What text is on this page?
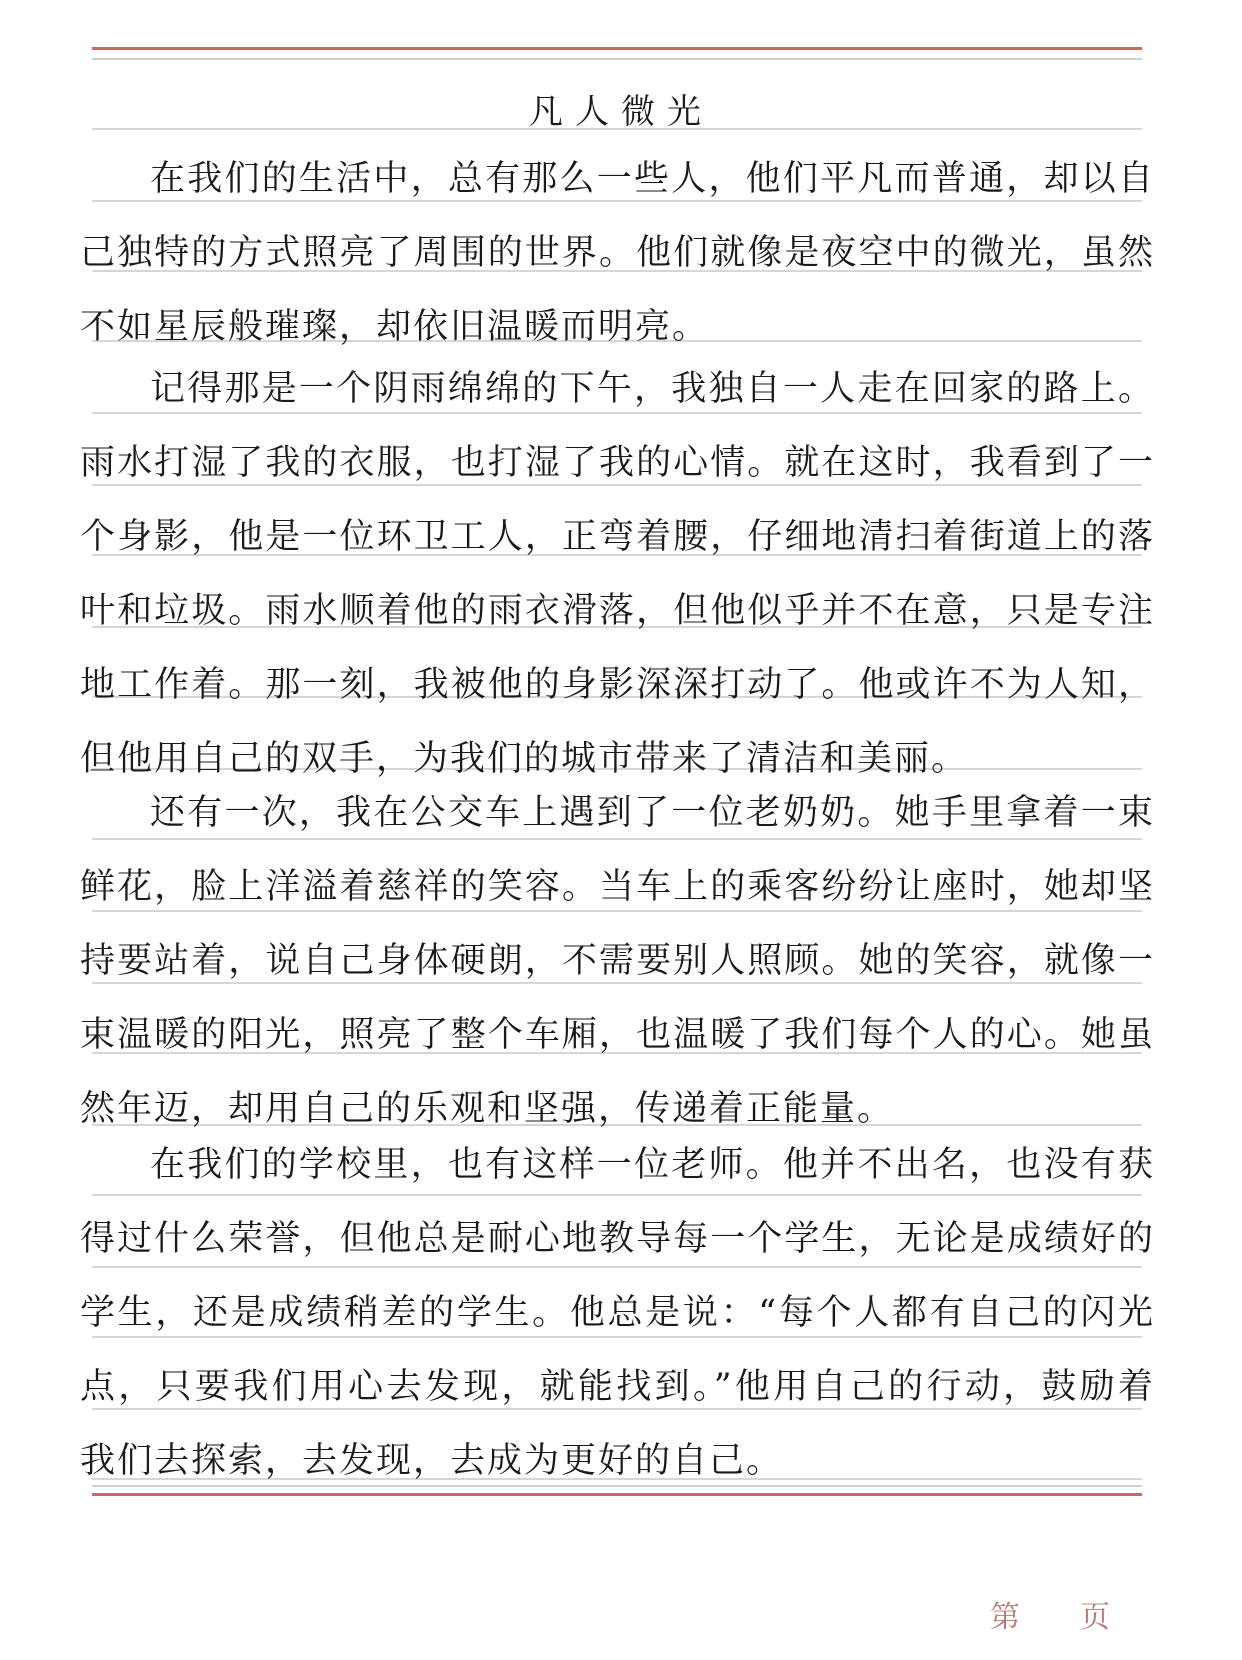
凡人微光
在我们的生活中，总有那么一些人，他们平凡而普通，却以自己独特的方式照亮了周围的世界。他们就像是夜空中的微光，虽然不如星辰般璀璨，却依旧温暖而明亮。
记得那是一个阴雨绵绵的下午，我独自一人走在回家的路上。雨水打湿了我的衣服，也打湿了我的心情。就在这时，我看到了一个身影，他是一位环卫工人，正弯着腰，仔细地清扫着街道上的落叶和垃圾。雨水顺着他的雨衣滑落，但他似乎并不在意，只是专注地工作着。那一刻，我被他的身影深深打动了。他或许不为人知，但他用自己的双手，为我们的城市带来了清洁和美丽。
还有一次，我在公交车上遇到了一位老奶奶。她手里拿着一束鲜花，脸上洋溢着慈祥的笑容。当车上的乘客纷纷让座时，她却坚持要站着，说自己身体硬朗，不需要别人照顾。她的笑容，就像一束温暖的阳光，照亮了整个车厢，也温暖了我们每个人的心。她虽然年迈，却用自己的乐观和坚强，传递着正能量。
在我们的学校里，也有这样一位老师。他并不出名，也没有获得过什么荣誉，但他总是耐心地教导每一个学生，无论是成绩好的学生，还是成绩稍差的学生。他总是说：“每个人都有自己的闪光点，只要我们用心去发现，就能找到。”他用自己的行动，鼓励着我们去探索，去发现，去成为更好的自己。
第 页
